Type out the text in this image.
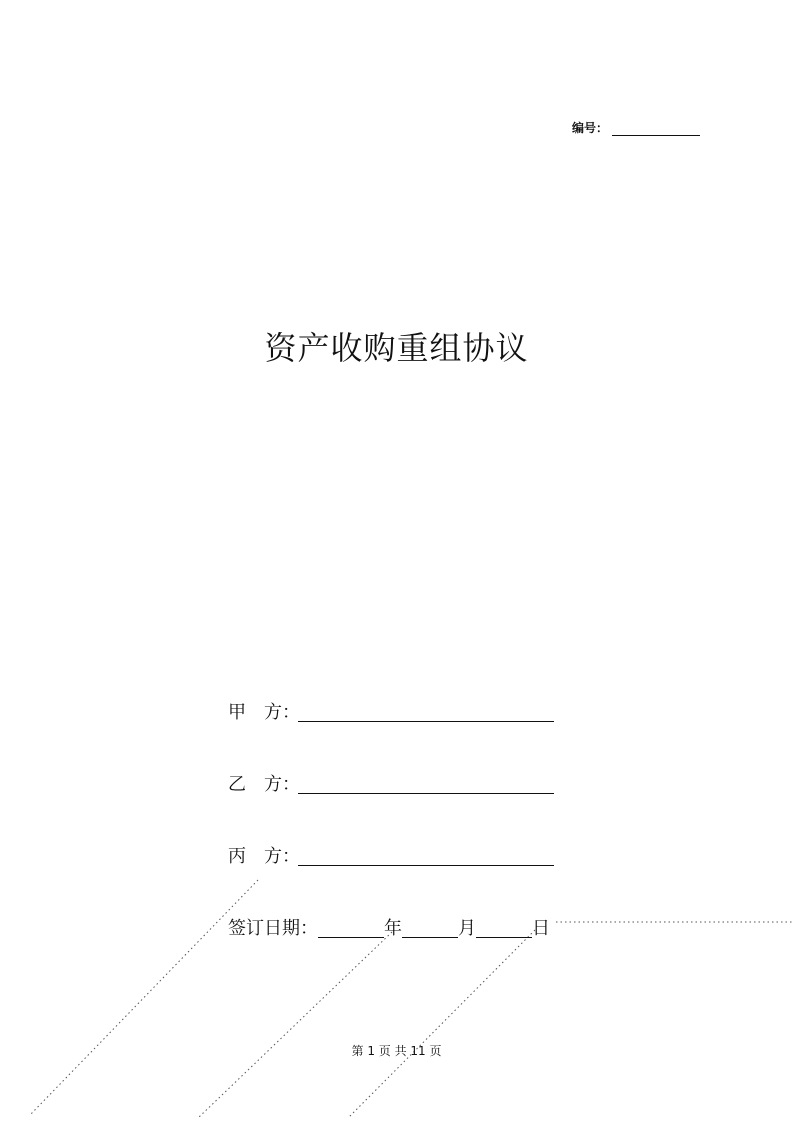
编号：
资产收购重组协议
甲　方：
乙　方：
丙　方：
签订日期：	年	月	日
第 1 页 共 11 页
